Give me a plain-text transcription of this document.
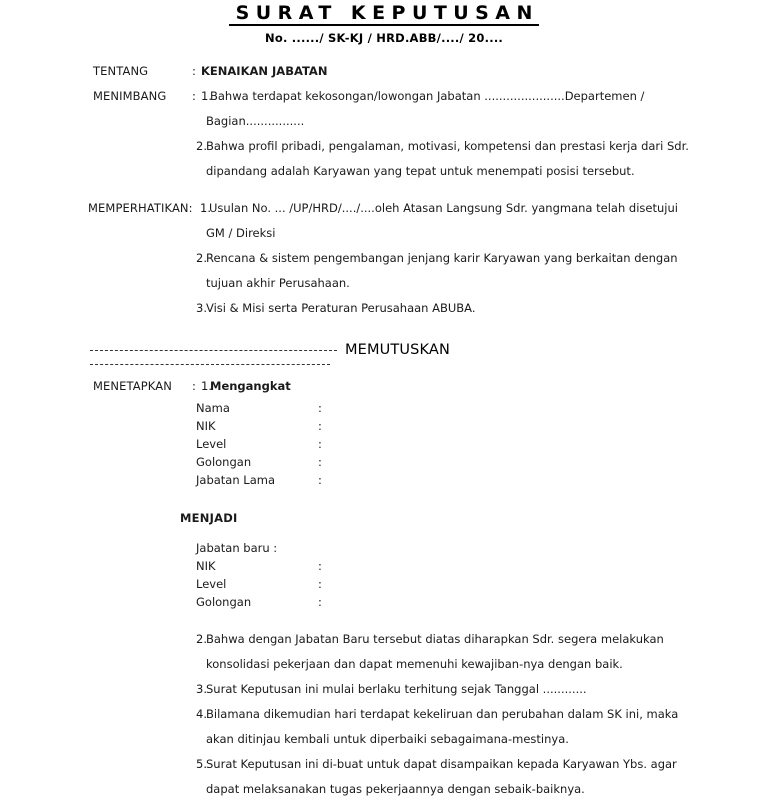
SURAT KEPUTUSAN
No. ....../ SK-KJ / HRD.ABB/..../ 20....
TENTANG	: KENAIKAN JABATAN
MENIMBANG	: 1.
Bahwa terdapat kekosongan/lowongan Jabatan ......................Departemen /
Bagian................
2. Bahwa profil pribadi, pengalaman, motivasi, kompetensi dan prestasi kerja dari Sdr.
dipandang adalah Karyawan yang tepat untuk menempati posisi tersebut.
MEMPERHATIKAN: 1.
Usulan No. ... /UP/HRD/..../....oleh Atasan Langsung Sdr. yangmana telah disetujui
GM / Direksi
2. Rencana & sistem pengembangan jenjang karir Karyawan yang berkaitan dengan
tujuan akhir Perusahaan.
3. Visi & Misi serta Peraturan Perusahaan ABUBA.
MEMUTUSKAN
MENETAPKAN	: 1.
Mengangkat
Nama	:
NIK	:
Level	:
Golongan	:
Jabatan Lama	:
MENJADI
Jabatan baru :
NIK	:
Level	:
Golongan	:
2. Bahwa dengan Jabatan Baru tersebut diatas diharapkan Sdr. segera melakukan
konsolidasi pekerjaan dan dapat memenuhi kewajiban-nya dengan baik.
3. Surat Keputusan ini mulai berlaku terhitung sejak Tanggal ............
4. Bilamana dikemudian hari terdapat kekeliruan dan perubahan dalam SK ini, maka
akan ditinjau kembali untuk diperbaiki sebagaimana-mestinya.
5. Surat Keputusan ini di-buat untuk dapat disampaikan kepada Karyawan Ybs. agar
dapat melaksanakan tugas pekerjaannya dengan sebaik-baiknya.
